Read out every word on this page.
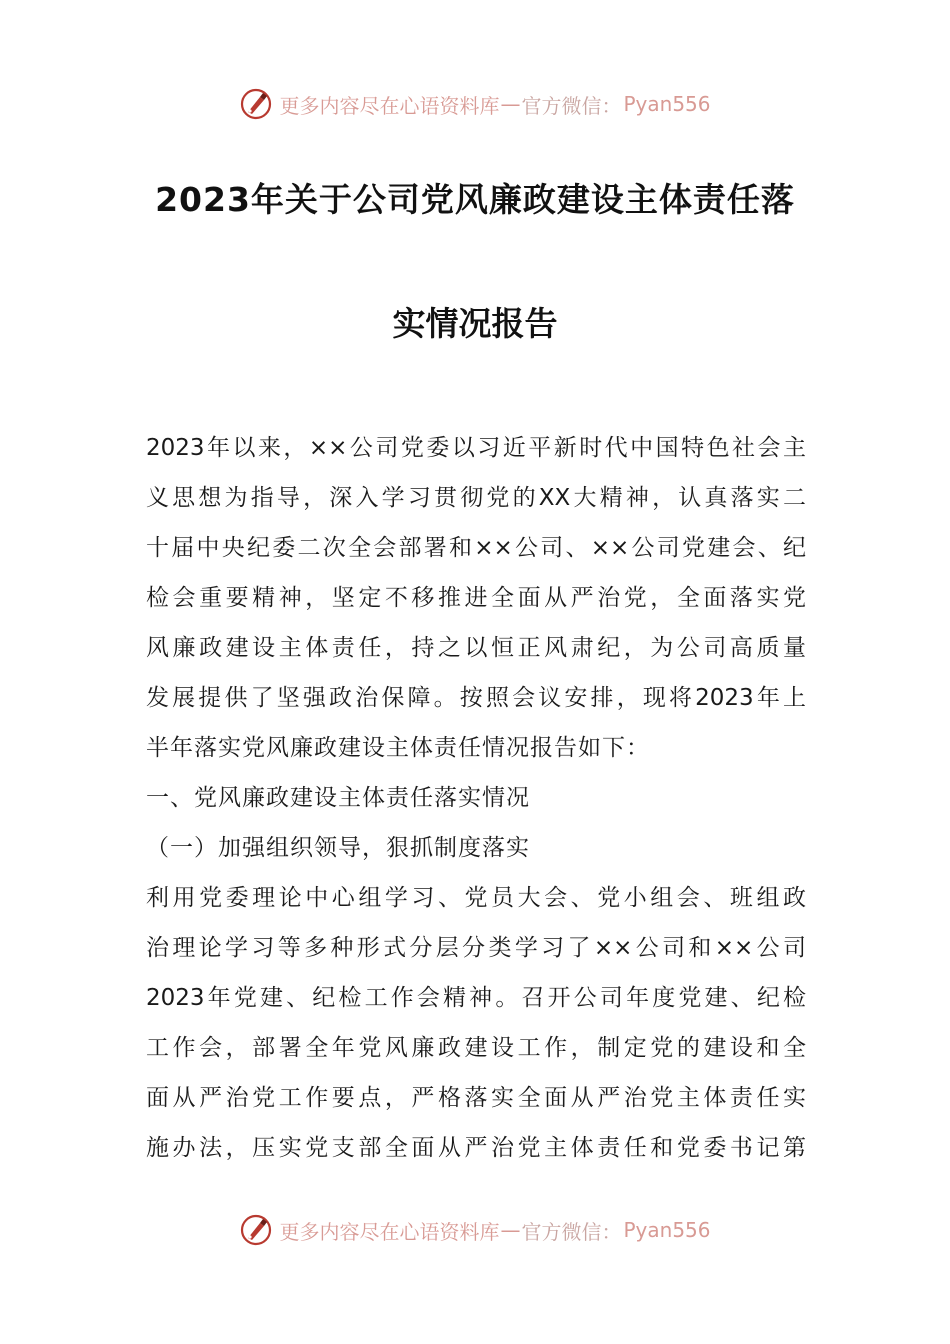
更多内容尽在心语资料库 — 官方微信： Pyan556
2023年关于公司党风廉政建设主体责任落
实情况报告
2023年以来，××公司党委以习近平新时代中国特色社会主
义思想为指导，深入学习贯彻党的XX大精神，认真落实二
十届中央纪委二次全会部署和××公司、××公司党建会、纪
检会重要精神，坚定不移推进全面从严治党，全面落实党
风廉政建设主体责任，持之以恒正风肃纪，为公司高质量
发展提供了坚强政治保障。按照会议安排，现将2023年上
半年落实党风廉政建设主体责任情况报告如下：
一、党风廉政建设主体责任落实情况
（一）加强组织领导，狠抓制度落实
利用党委理论中心组学习、党员大会、党小组会、班组政
治理论学习等多种形式分层分类学习了××公司和××公司
2023年党建、纪检工作会精神。召开公司年度党建、纪检
工作会，部署全年党风廉政建设工作，制定党的建设和全
面从严治党工作要点，严格落实全面从严治党主体责任实
施办法，压实党支部全面从严治党主体责任和党委书记第
更多内容尽在心语资料库 — 官方微信： Pyan556
